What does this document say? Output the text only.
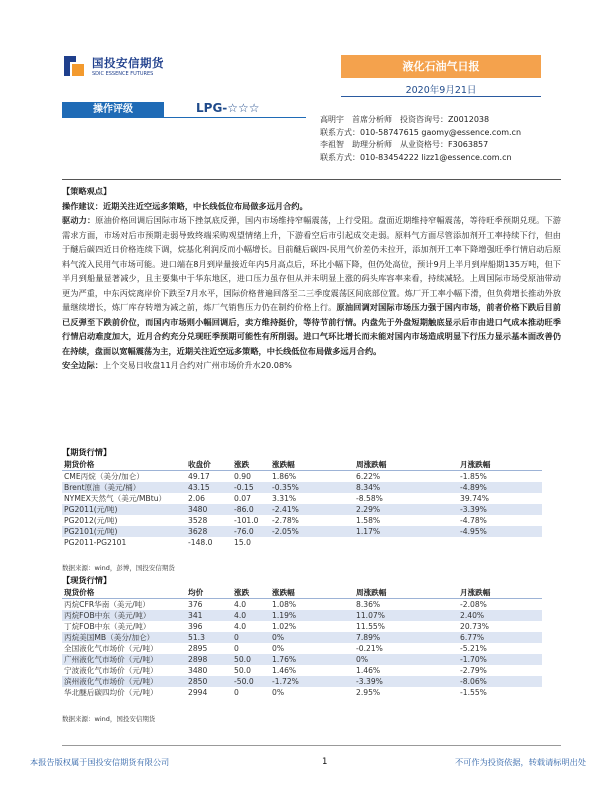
国投安信期货
SDIC ESSENCE FUTURES
液化石油气日报
2020年9月21日
操作评级	LPG-☆☆☆
高明宇　首席分析师　投资咨询号：Z0012038
联系方式：010-58747615 gaomy@essence.com.cn
李祖智　助理分析师　从业资格号：F3063857
联系方式：010-83454222 lizz1@essence.com.cn
【策略观点】

操作建议：近期关注近空远多策略，中长线低位布局做多远月合约。

驱动力：原油价格回调后国际市场下挫氛底反弹，国内市场维持窄幅震荡，上行受阻。盘面近期维持窄幅震荡，等待旺季预期兑现。下游需求方面，市场对后市预期走弱导致终端采购观望情绪上升，下游看空后市引起成交走弱。原料气方面尽管添加剂开工率持续下行，但由于醚后碳四近日价格连续下调，烷基化利润反而小幅增长。目前醚后碳四-民用气价差仍未拉开，添加剂开工率下降增强旺季行情启动后原料气流入民用气市场可能。进口端在8月到岸量接近年内5月高点后，环比小幅下降，但仍处高位，预计9月上半月到岸船期135万吨，但下半月到船量显著减少，且主要集中于华东地区，进口压力虽存但从并未明显上涨的码头库容率来看，持续减轻。上周国际市场受原油带动更为严重，中东丙烷离岸价下跌至7月水平，国际价格普遍回落至二三季度震荡区间底部位置。炼厂开工率小幅下滑，但负荷增长推动外放量继续增长，炼厂库存转增为减之前，炼厂气销售压力仍在制约价格上行。原油回调对国际市场压力强于国内市场，前者价格下跌后目前已反弹至下跌前价位，而国内市场则小幅回调后，卖方维持挺价，等待节前行情。内盘先于外盘短期触底显示后市由进口气成本推动旺季行情启动难度加大，近月合约充分兑现旺季预期可能性有所削弱。进口气环比增长而未能对国内市场造成明显下行压力显示基本面改善仍在持续，盘面以宽幅震荡为主，近期关注近空远多策略，中长线低位布局做多远月合约。

安全边际：上个交易日收盘11月合约对广州市场价升水20.08%

【期货行情】
期货价格	收盘价	涨跌	涨跌幅	周涨跌幅	月涨跌幅
CME丙烷（美分/加仑）	49.17	0.90	1.86%	6.22%	-1.85%
Brent原油（美元/桶）	43.15	-0.15	-0.35%	8.34%	-4.89%
NYMEX天然气（美元/MBtu）	2.06	0.07	3.31%	-8.58%	39.74%
PG2011(元/吨)	3480	-86.0	-2.41%	2.29%	-3.39%
PG2012(元/吨)	3528	-101.0	-2.78%	1.58%	-4.78%
PG2101(元/吨)	3628	-76.0	-2.05%	1.17%	-4.95%
PG2011-PG2101	-148.0	15.0			
数据来源：wind，彭博，国投安信期货
【现货行情】
现货价格	均价	涨跌	涨跌幅	周涨跌幅	月涨跌幅
丙烷CFR华南（美元/吨）	376	4.0	1.08%	8.36%	-2.08%
丙烷FOB中东（美元/吨）	341	4.0	1.19%	11.07%	2.40%
丁烷FOB中东（美元/吨）	396	4.0	1.02%	11.55%	20.73%
丙烷美国MB（美分/加仑）	51.3	0	0%	7.89%	6.77%
全国液化气市场价（元/吨）	2895	0	0%	-0.21%	-5.21%
广州液化气市场价（元/吨）	2898	50.0	1.76%	0%	-1.70%
宁波液化气市场价（元/吨）	3480	50.0	1.46%	1.46%	-2.79%
滨州液化气市场价（元/吨）	2850	-50.0	-1.72%	-3.39%	-8.06%
华北醚后碳四均价（元/吨）	2994	0	0%	2.95%	-1.55%
数据来源：wind，国投安信期货
本报告版权属于国投安信期货有限公司	1	不可作为投资依据，转载请标明出处
